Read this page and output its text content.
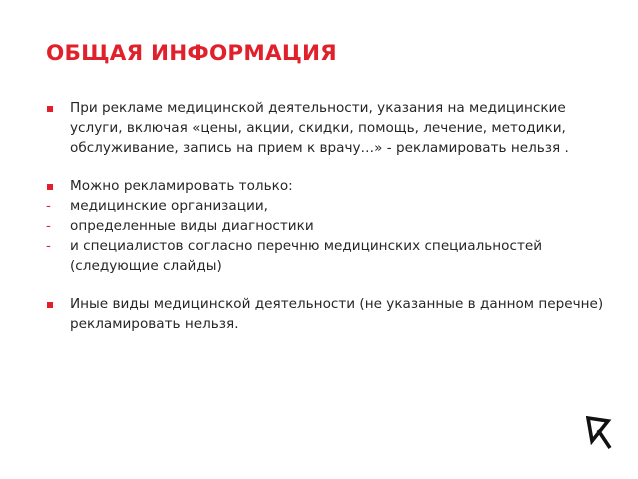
ОБЩАЯ ИНФОРМАЦИЯ
При рекламе медицинской деятельности, указания на медицинские услуги, включая «цены, акции, скидки, помощь, лечение, методики, обслуживание, запись на прием к врачу…» - рекламировать нельзя .
Можно рекламировать только:
-	медицинские организации,
-	определенные виды диагностики
-	и специалистов согласно перечню медицинских специальностей (следующие слайды)
Иные виды медицинской деятельности (не указанные в данном перечне) рекламировать нельзя.
